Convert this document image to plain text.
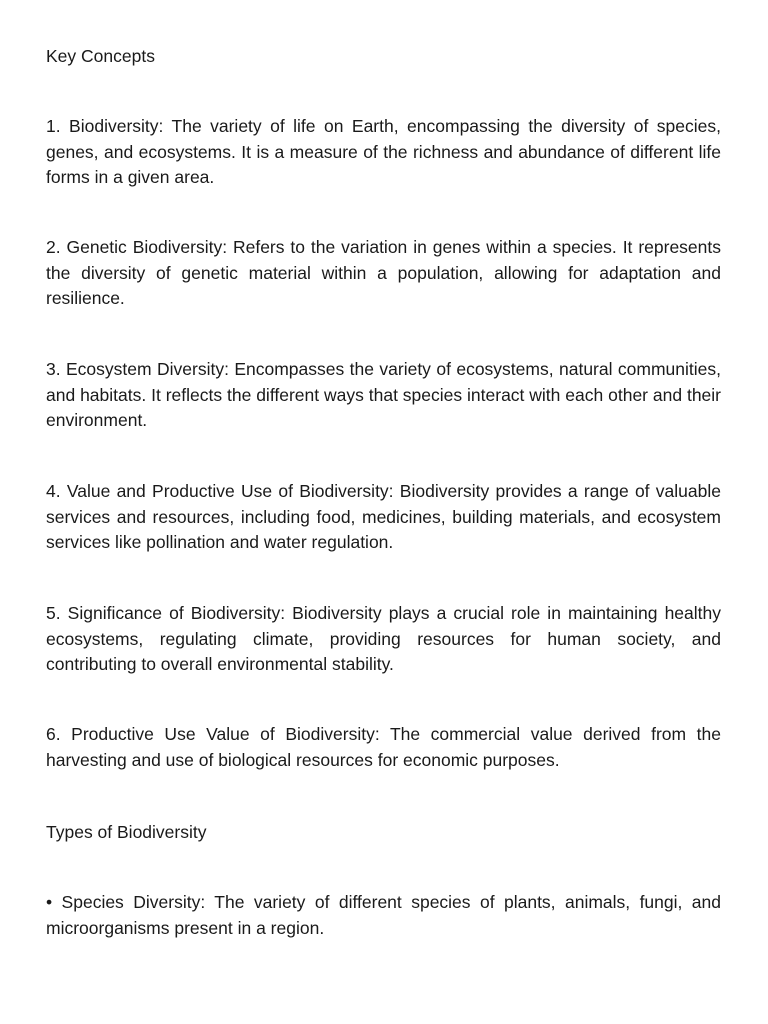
Key Concepts

1. Biodiversity: The variety of life on Earth, encompassing the diversity of species, genes, and ecosystems. It is a measure of the richness and abundance of different life forms in a given area.

2. Genetic Biodiversity: Refers to the variation in genes within a species. It represents the diversity of genetic material within a population, allowing for adaptation and resilience.

3. Ecosystem Diversity: Encompasses the variety of ecosystems, natural communities, and habitats. It reflects the different ways that species interact with each other and their environment.

4. Value and Productive Use of Biodiversity: Biodiversity provides a range of valuable services and resources, including food, medicines, building materials, and ecosystem services like pollination and water regulation.

5. Significance of Biodiversity: Biodiversity plays a crucial role in maintaining healthy ecosystems, regulating climate, providing resources for human society, and contributing to overall environmental stability.

6. Productive Use Value of Biodiversity: The commercial value derived from the harvesting and use of biological resources for economic purposes.

Types of Biodiversity

• Species Diversity: The variety of different species of plants, animals, fungi, and microorganisms present in a region.
